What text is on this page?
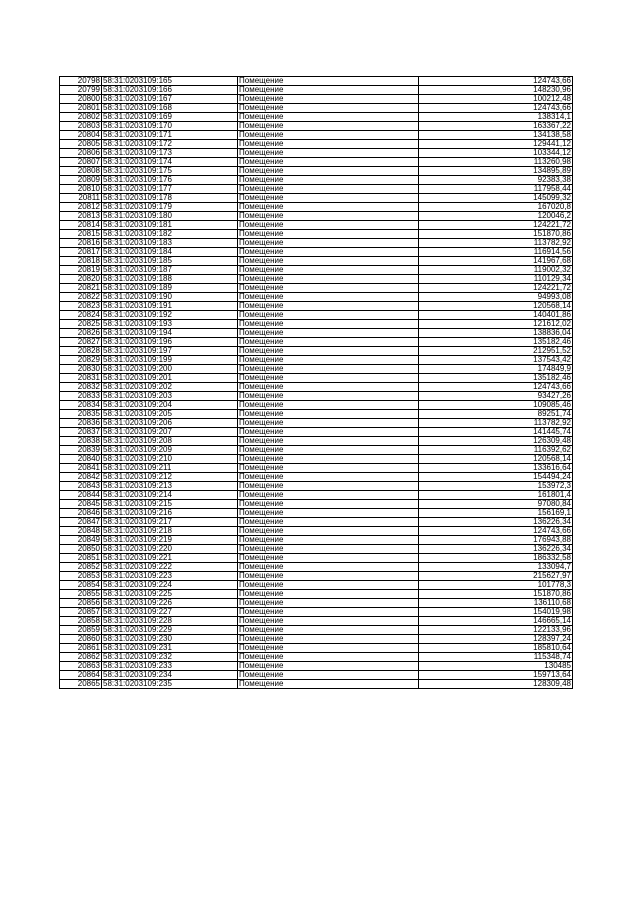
20798	58:31:0203109:165	Помещение	124743,66
20799	58:31:0203109:166	Помещение	148230,96
20800	58:31:0203109:167	Помещение	100212,48
20801	58:31:0203109:168	Помещение	124743,66
20802	58:31:0203109:169	Помещение	138314,1
20803	58:31:0203109:170	Помещение	163367,22
20804	58:31:0203109:171	Помещение	134138,58
20805	58:31:0203109:172	Помещение	129441,12
20806	58:31:0203109:173	Помещение	103344,12
20807	58:31:0203109:174	Помещение	113260,98
20808	58:31:0203109:175	Помещение	134895,89
20809	58:31:0203109:176	Помещение	92383,38
20810	58:31:0203109:177	Помещение	117958,44
20811	58:31:0203109:178	Помещение	145099,32
20812	58:31:0203109:179	Помещение	167020,8
20813	58:31:0203109:180	Помещение	120046,2
20814	58:31:0203109:181	Помещение	124221,72
20815	58:31:0203109:182	Помещение	151870,86
20816	58:31:0203109:183	Помещение	113782,92
20817	58:31:0203109:184	Помещение	116914,56
20818	58:31:0203109:185	Помещение	141967,68
20819	58:31:0203109:187	Помещение	119002,32
20820	58:31:0203109:188	Помещение	110129,34
20821	58:31:0203109:189	Помещение	124221,72
20822	58:31:0203109:190	Помещение	94993,08
20823	58:31:0203109:191	Помещение	120568,14
20824	58:31:0203109:192	Помещение	140401,86
20825	58:31:0203109:193	Помещение	121612,02
20826	58:31:0203109:194	Помещение	138836,04
20827	58:31:0203109:196	Помещение	135182,46
20828	58:31:0203109:197	Помещение	212951,52
20829	58:31:0203109:199	Помещение	137543,42
20830	58:31:0203109:200	Помещение	174849,9
20831	58:31:0203109:201	Помещение	135182,46
20832	58:31:0203109:202	Помещение	124743,66
20833	58:31:0203109:203	Помещение	93427,26
20834	58:31:0203109:204	Помещение	109085,46
20835	58:31:0203109:205	Помещение	89251,74
20836	58:31:0203109:206	Помещение	113782,92
20837	58:31:0203109:207	Помещение	141445,74
20838	58:31:0203109:208	Помещение	126309,48
20839	58:31:0203109:209	Помещение	116392,62
20840	58:31:0203109:210	Помещение	120568,14
20841	58:31:0203109:211	Помещение	133616,64
20842	58:31:0203109:212	Помещение	154494,24
20843	58:31:0203109:213	Помещение	153972,3
20844	58:31:0203109:214	Помещение	161801,4
20845	58:31:0203109:215	Помещение	97080,84
20846	58:31:0203109:216	Помещение	156169,1
20847	58:31:0203109:217	Помещение	136226,34
20848	58:31:0203109:218	Помещение	124743,66
20849	58:31:0203109:219	Помещение	176943,88
20850	58:31:0203109:220	Помещение	136226,34
20851	58:31:0203109:221	Помещение	186332,58
20852	58:31:0203109:222	Помещение	133094,7
20853	58:31:0203109:223	Помещение	215627,97
20854	58:31:0203109:224	Помещение	101778,3
20855	58:31:0203109:225	Помещение	151870,86
20856	58:31:0203109:226	Помещение	136110,68
20857	58:31:0203109:227	Помещение	154019,98
20858	58:31:0203109:228	Помещение	146665,14
20859	58:31:0203109:229	Помещение	122133,96
20860	58:31:0203109:230	Помещение	128397,24
20861	58:31:0203109:231	Помещение	185810,64
20862	58:31:0203109:232	Помещение	115348,74
20863	58:31:0203109:233	Помещение	130485
20864	58:31:0203109:234	Помещение	159713,64
20865	58:31:0203109:235	Помещение	128309,48
